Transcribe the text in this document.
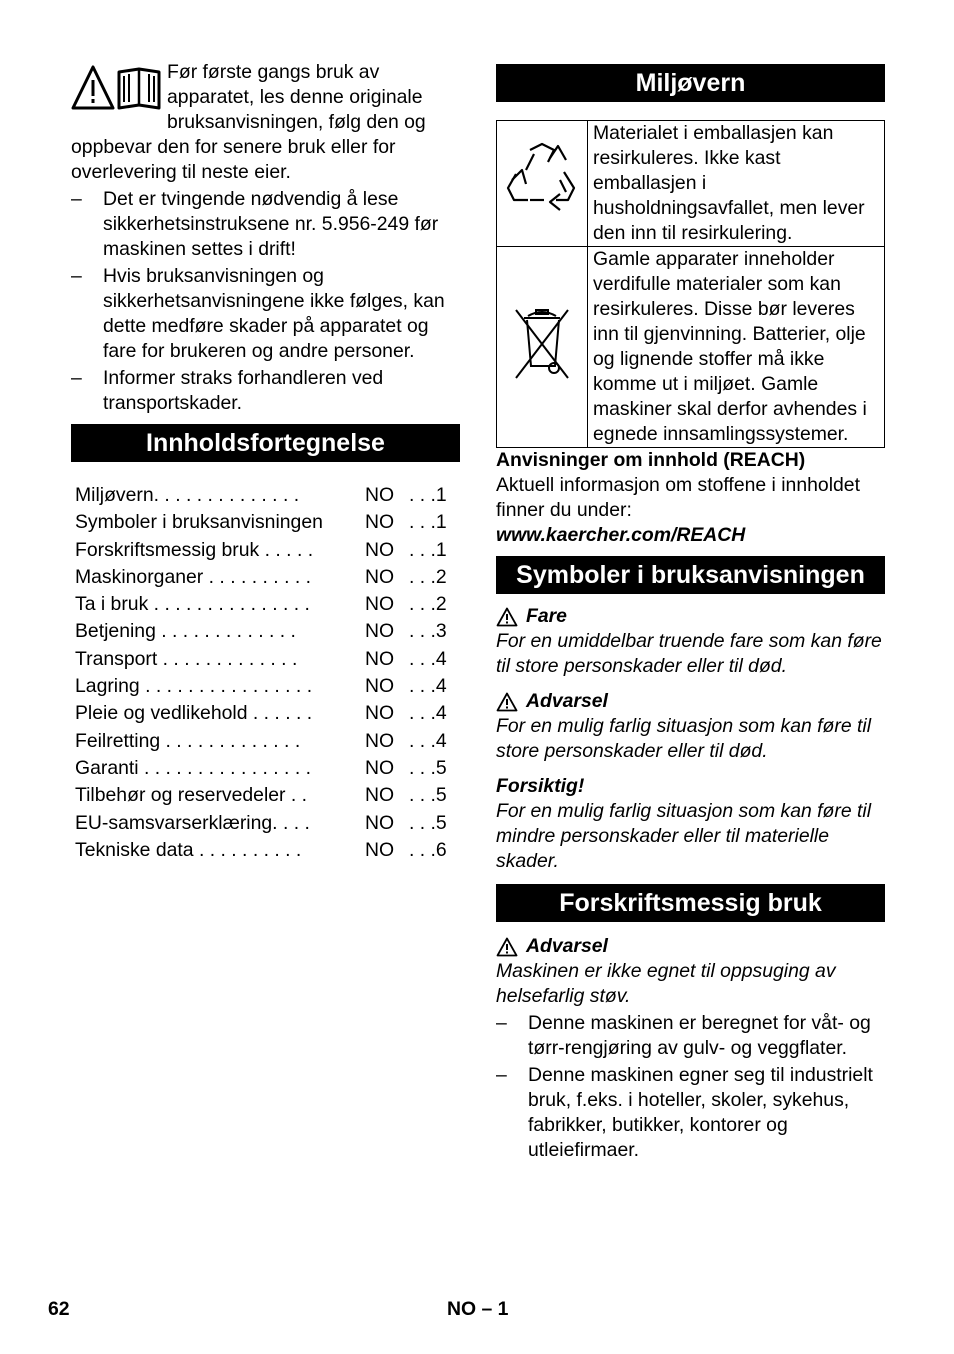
Før første gangs bruk av apparatet, les denne originale bruksanvisningen, følg den og oppbevar den for senere bruk eller for overlevering til neste eier.

– Det er tvingende nødvendig å lese sikkerhetsinstruksene nr. 5.956-249 før maskinen settes i drift!
– Hvis bruksanvisningen og sikkerhetsanvisningene ikke følges, kan dette medføre skader på apparatet og fare for brukeren og andre personer.
– Informer straks forhandleren ved transportskader.
Innholdsfortegnelse
Miljøvern. . . . . . . . . . . . . .	NO . . .1
Symboler i bruksanvisningen	NO . . .1
Forskriftsmessig bruk . . . . .	NO . . .1
Maskinorganer . . . . . . . . . .	NO . . .2
Ta i bruk . . . . . . . . . . . . . . .	NO . . .2
Betjening . . . . . . . . . . . . .	NO . . .3
Transport . . . . . . . . . . . . .	NO . . .4
Lagring . . . . . . . . . . . . . . . .	NO . . .4
Pleie og vedlikehold . . . . . .	NO . . .4
Feilretting . . . . . . . . . . . . .	NO . . .4
Garanti . . . . . . . . . . . . . . . .	NO . . .5
Tilbehør og reservedeler . .	NO . . .5
EU-samsvarserklæring. . . .	NO . . .5
Tekniske data . . . . . . . . . .	NO . . .6
Miljøvern
	Materialet i emballasjen kan resirkuleres. Ikke kast emballasjen i husholdningsavfallet, men lever den inn til resirkulering.
	Gamle apparater inneholder verdifulle materialer som kan resirkuleres. Disse bør leveres inn til gjenvinning. Batterier, olje og lignende stoffer må ikke komme ut i miljøet. Gamle maskiner skal derfor avhendes i egnede innsamlingssystemer.

Anvisninger om innhold (REACH)

Aktuell informasjon om stoffene i innholdet finner du under:

www.kaercher.com/REACH

Symboler i bruksanvisningen
Fare

For en umiddelbar truende fare som kan føre til store personskader eller til død.

Advarsel

For en mulig farlig situasjon som kan føre til store personskader eller til død.

Forsiktig!

For en mulig farlig situasjon som kan føre til mindre personskader eller til materielle skader.

Forskriftsmessig bruk
Advarsel

Maskinen er ikke egnet til oppsuging av helsefarlig støv.

– Denne maskinen er beregnet for våt- og tørr-rengjøring av gulv- og veggflater.
– Denne maskinen egner seg til industrielt bruk, f.eks. i hoteller, skoler, sykehus, fabrikker, butikker, kontorer og utleiefirmaer.
62	NO – 1
